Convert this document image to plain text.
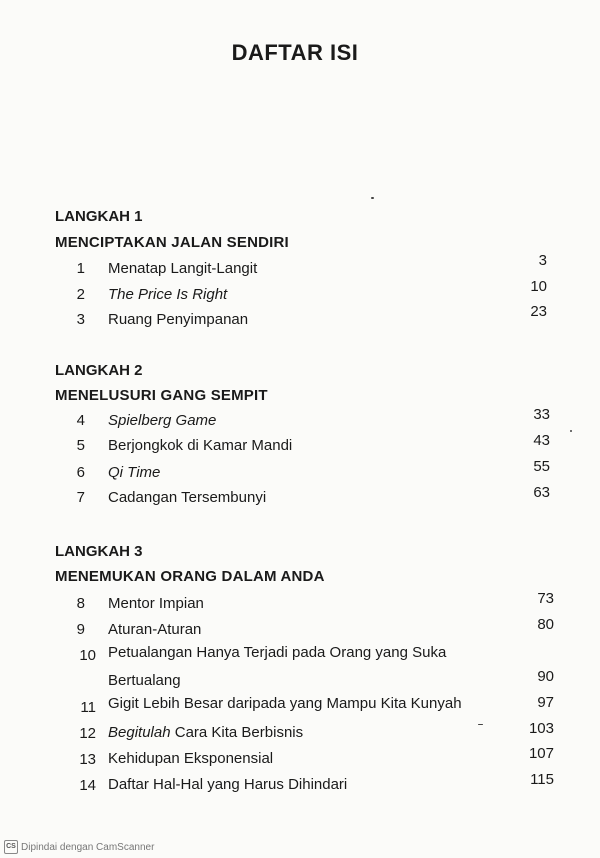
DAFTAR ISI
LANGKAH 1
MENCIPTAKAN JALAN SENDIRI
1 Menatap Langit-Langit	3
2 The Price Is Right	10
3 Ruang Penyimpanan	23
LANGKAH 2
MENELUSURI GANG SEMPIT
4 Spielberg Game	33
5 Berjongkok di Kamar Mandi	43
6 Qi Time	55
7 Cadangan Tersembunyi	63
LANGKAH 3
MENEMUKAN ORANG DALAM ANDA
8 Mentor Impian	73
9 Aturan-Aturan	80
10 Petualangan Hanya Terjadi pada Orang yang Suka
Bertualang	90
11 Gigit Lebih Besar daripada yang Mampu Kita Kunyah	97
12 Begitulah Cara Kita Berbisnis	103
13 Kehidupan Eksponensial	107
14 Daftar Hal-Hal yang Harus Dihindari	115
CS Dipindai dengan CamScanner
